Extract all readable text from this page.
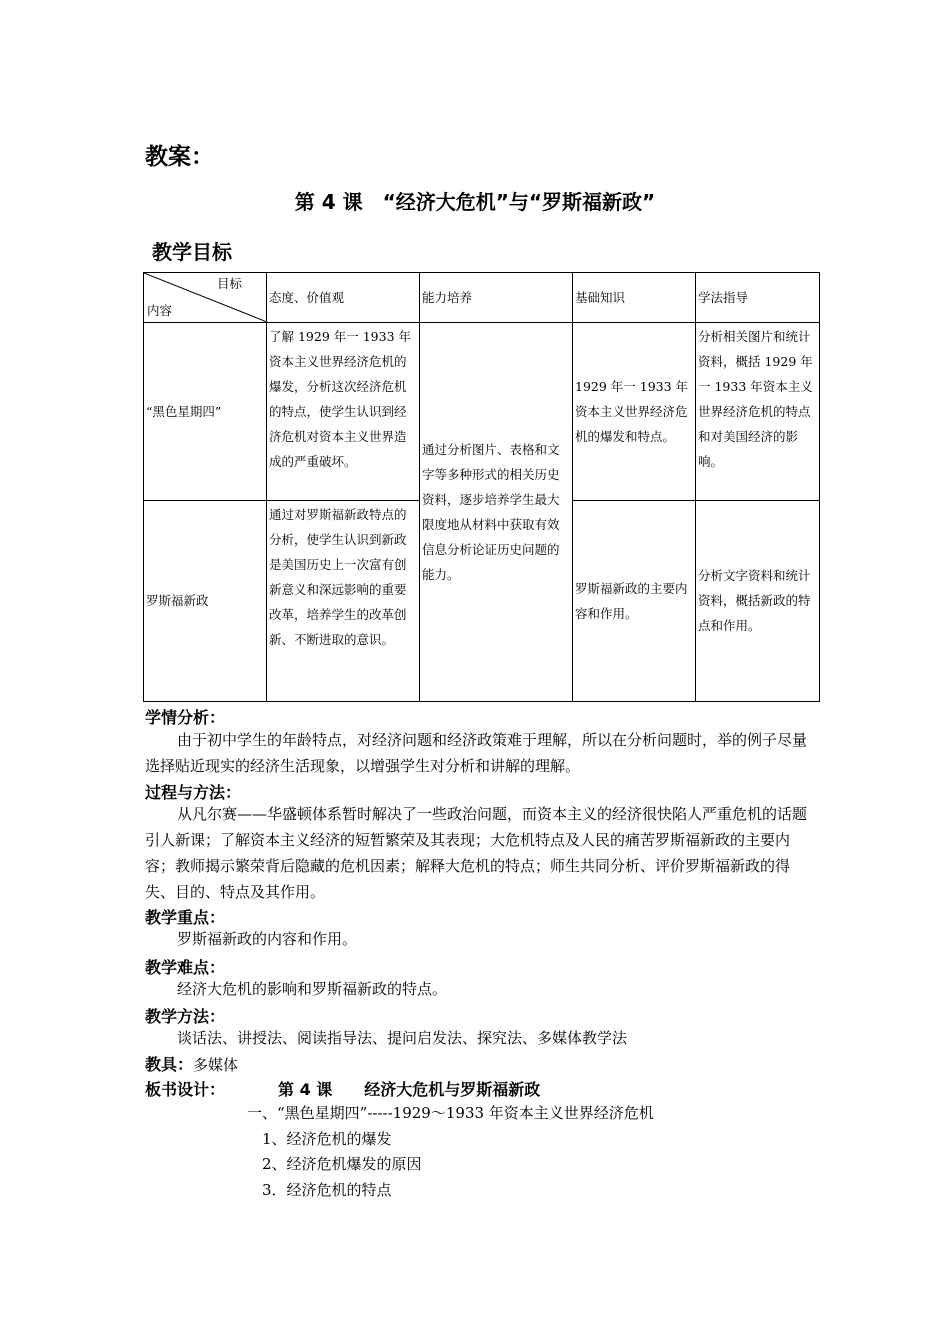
教案：
第 4 课　“经济大危机”与“罗斯福新政”
教学目标
目标
内容	态度、价值观	能力培养	基础知识	学法指导
“黑色星期四”	了解 1929 年一 1933 年资本主义世界经济危机的爆发，分析这次经济危机的特点，使学生认识到经济危机对资本主义世界造成的严重破坏。	通过分析图片、表格和文字等多种形式的相关历史资料，逐步培养学生最大限度地从材料中获取有效信息分析论证历史问题的能力。	1929 年一 1933 年资本主义世界经济危机的爆发和特点。	分析相关图片和统计资料，概括 1929 年一 1933 年资本主义世界经济危机的特点和对美国经济的影响。
罗斯福新政	通过对罗斯福新政特点的分析，使学生认识到新政是美国历史上一次富有创新意义和深远影响的重要改革，培养学生的改革创新、不断进取的意识。		罗斯福新政的主要内容和作用。	分析文字资料和统计资料，概括新政的特点和作用。
学情分析：
由于初中学生的年龄特点，对经济问题和经济政策难于理解，所以在分析问题时，举的例子尽量选择贴近现实的经济生活现象，以增强学生对分析和讲解的理解。
过程与方法：
从凡尔赛——华盛顿体系暂时解决了一些政治问题，而资本主义的经济很快陷人严重危机的话题引人新课；了解资本主义经济的短暂繁荣及其表现；大危机特点及人民的痛苦罗斯福新政的主要内容；教师揭示繁荣背后隐藏的危机因素；解释大危机的特点；师生共同分析、评价罗斯福新政的得失、目的、特点及其作用。
教学重点：
罗斯福新政的内容和作用。
教学难点：
经济大危机的影响和罗斯福新政的特点。
教学方法：
谈话法、讲授法、阅读指导法、提问启发法、探究法、多媒体教学法
教具：多媒体
板书设计：	第 4 课　　经济大危机与罗斯福新政
一、“黑色星期四”-----1929～1933 年资本主义世界经济危机
1、经济危机的爆发
2、经济危机爆发的原因
3．经济危机的特点
